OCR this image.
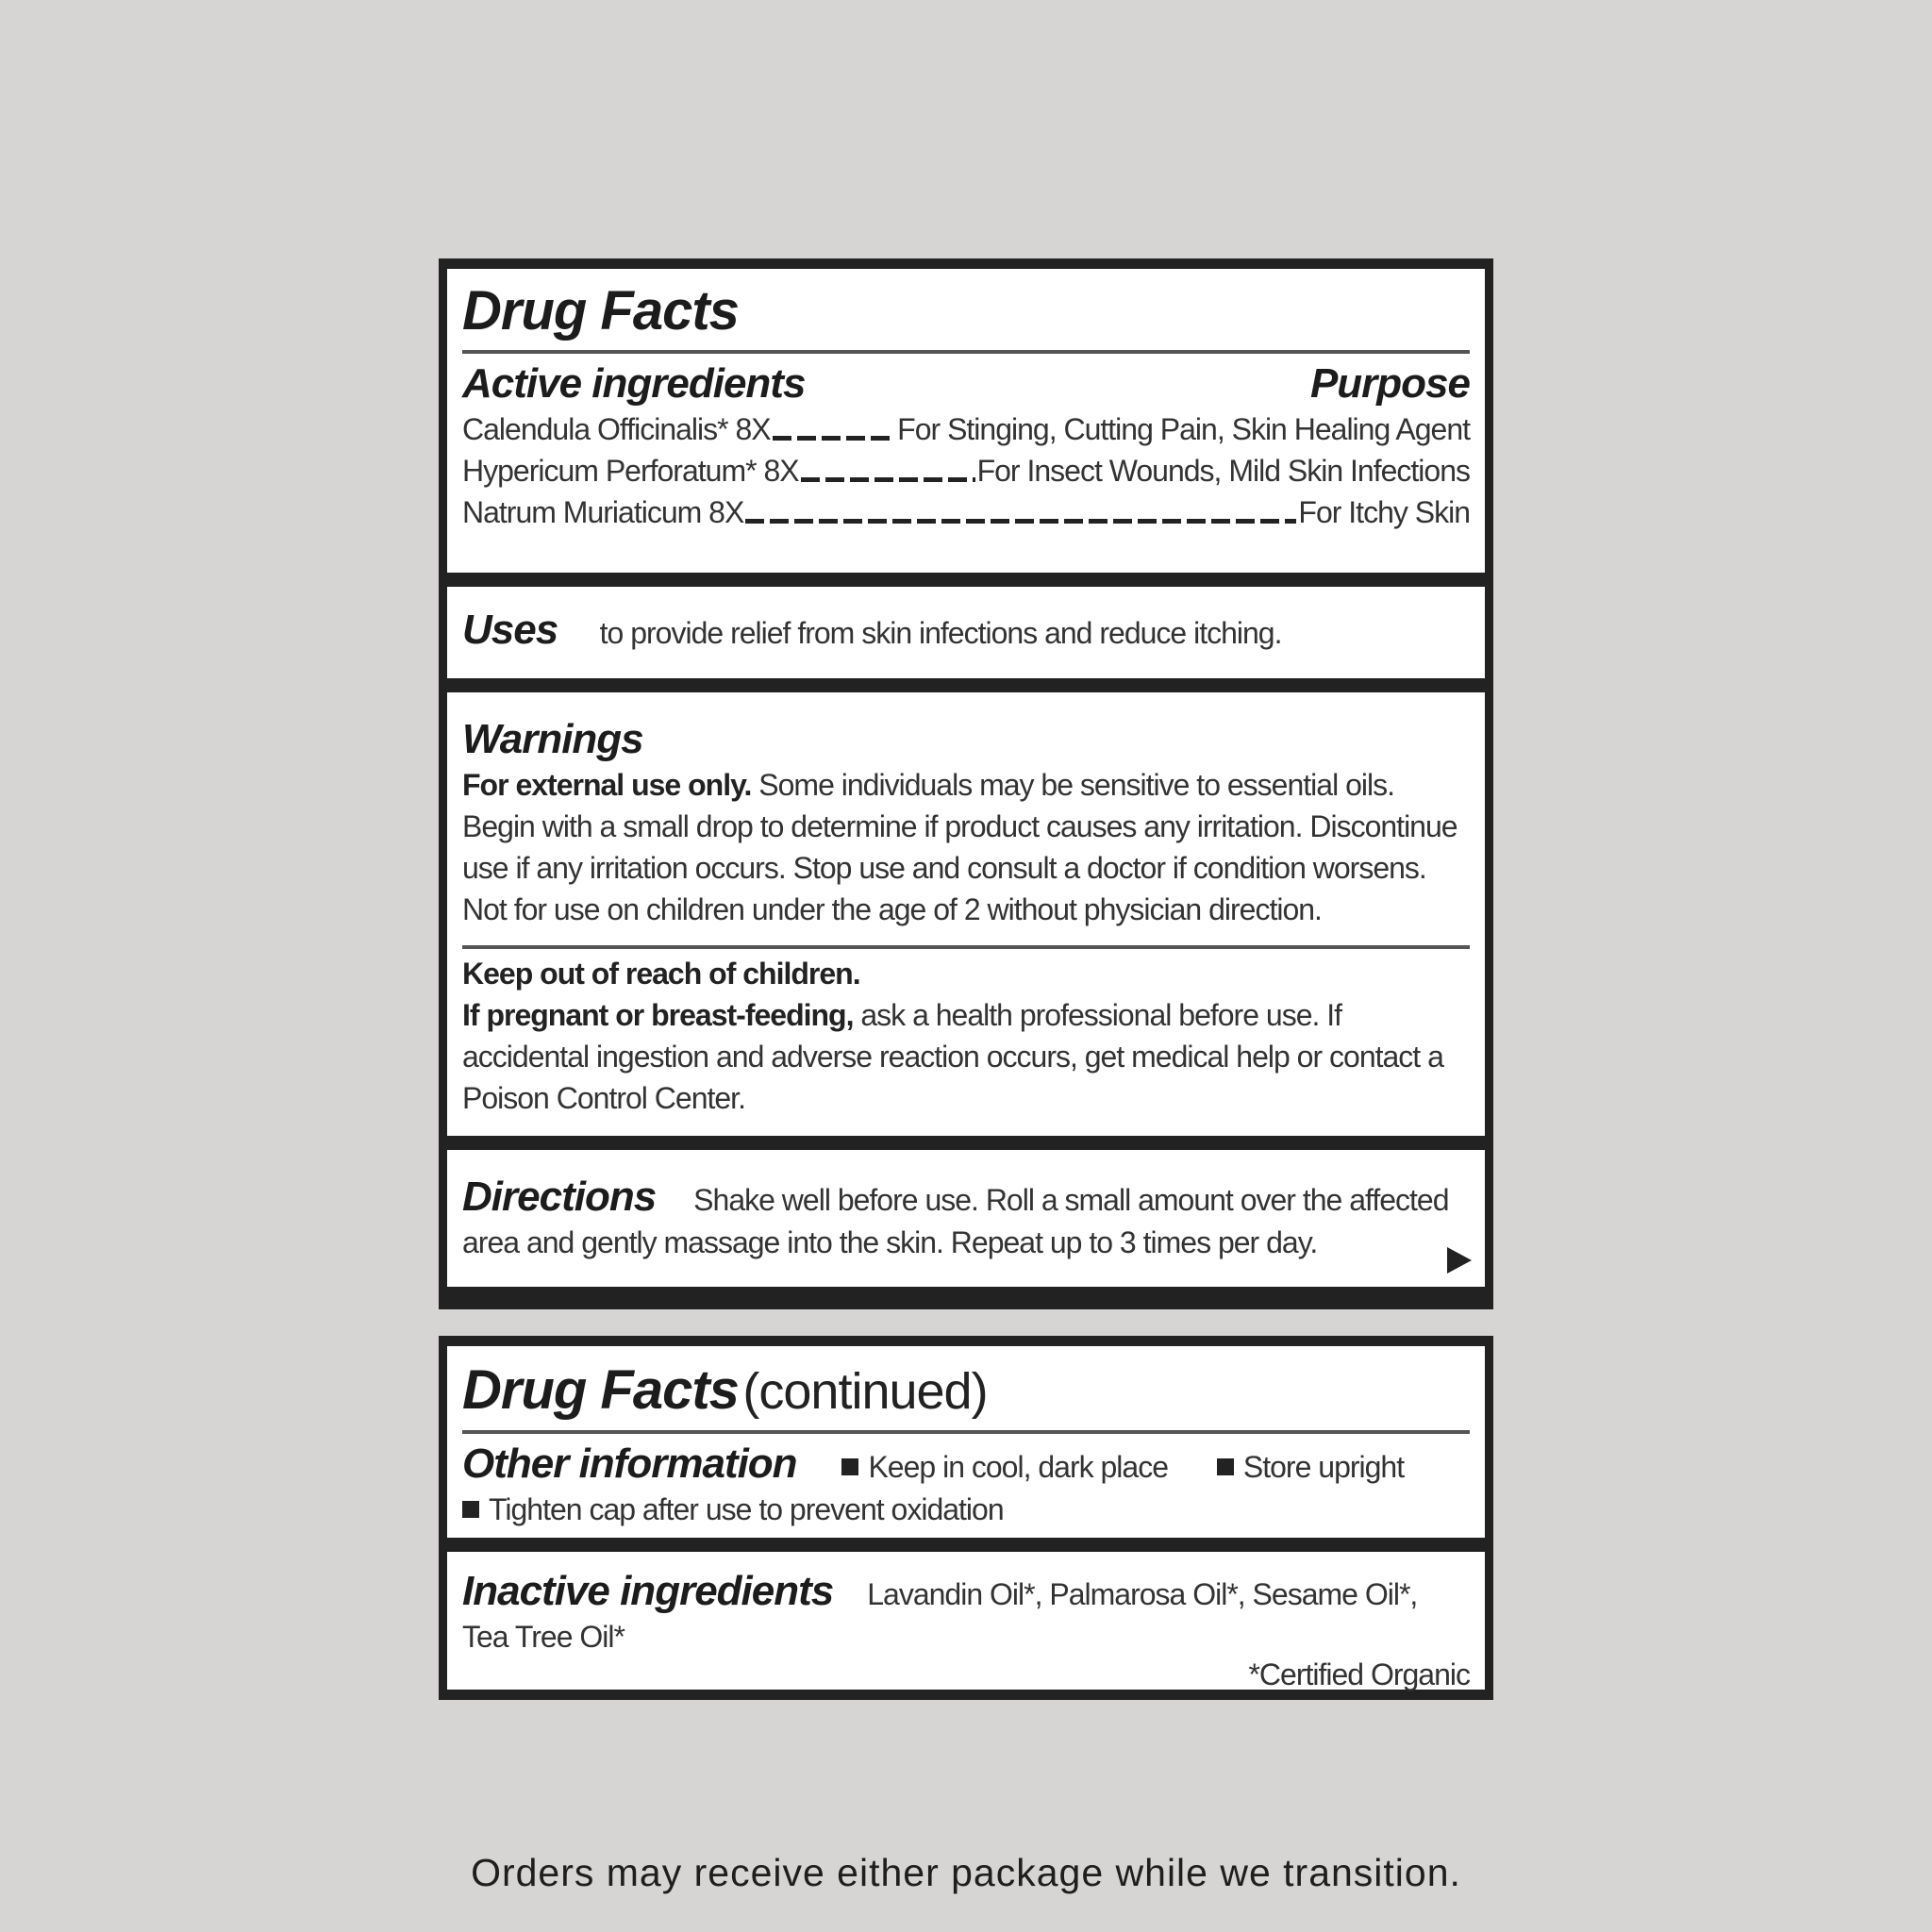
Drug Facts
Active ingredients	Purpose
Calendula Officinalis* 8X	For Stinging, Cutting Pain, Skin Healing Agent
Hypericum Perforatum* 8X	For Insect Wounds, Mild Skin Infections
Natrum Muriaticum 8X	For Itchy Skin
Uses to provide relief from skin infections and reduce itching.
Warnings
For external use only. Some individuals may be sensitive to essential oils. Begin with a small drop to determine if product causes any irritation. Discontinue use if any irritation occurs. Stop use and consult a doctor if condition worsens. Not for use on children under the age of 2 without physician direction.
Keep out of reach of children.
If pregnant or breast-feeding, ask a health professional before use. If accidental ingestion and adverse reaction occurs, get medical help or contact a Poison Control Center.
Directions Shake well before use. Roll a small amount over the affected area and gently massage into the skin. Repeat up to 3 times per day.
Drug Facts (continued)
Other information Keep in cool, dark place Store upright
Tighten cap after use to prevent oxidation
Inactive ingredients Lavandin Oil*, Palmarosa Oil*, Sesame Oil*, Tea Tree Oil*
*Certified Organic
Orders may receive either package while we transition.
